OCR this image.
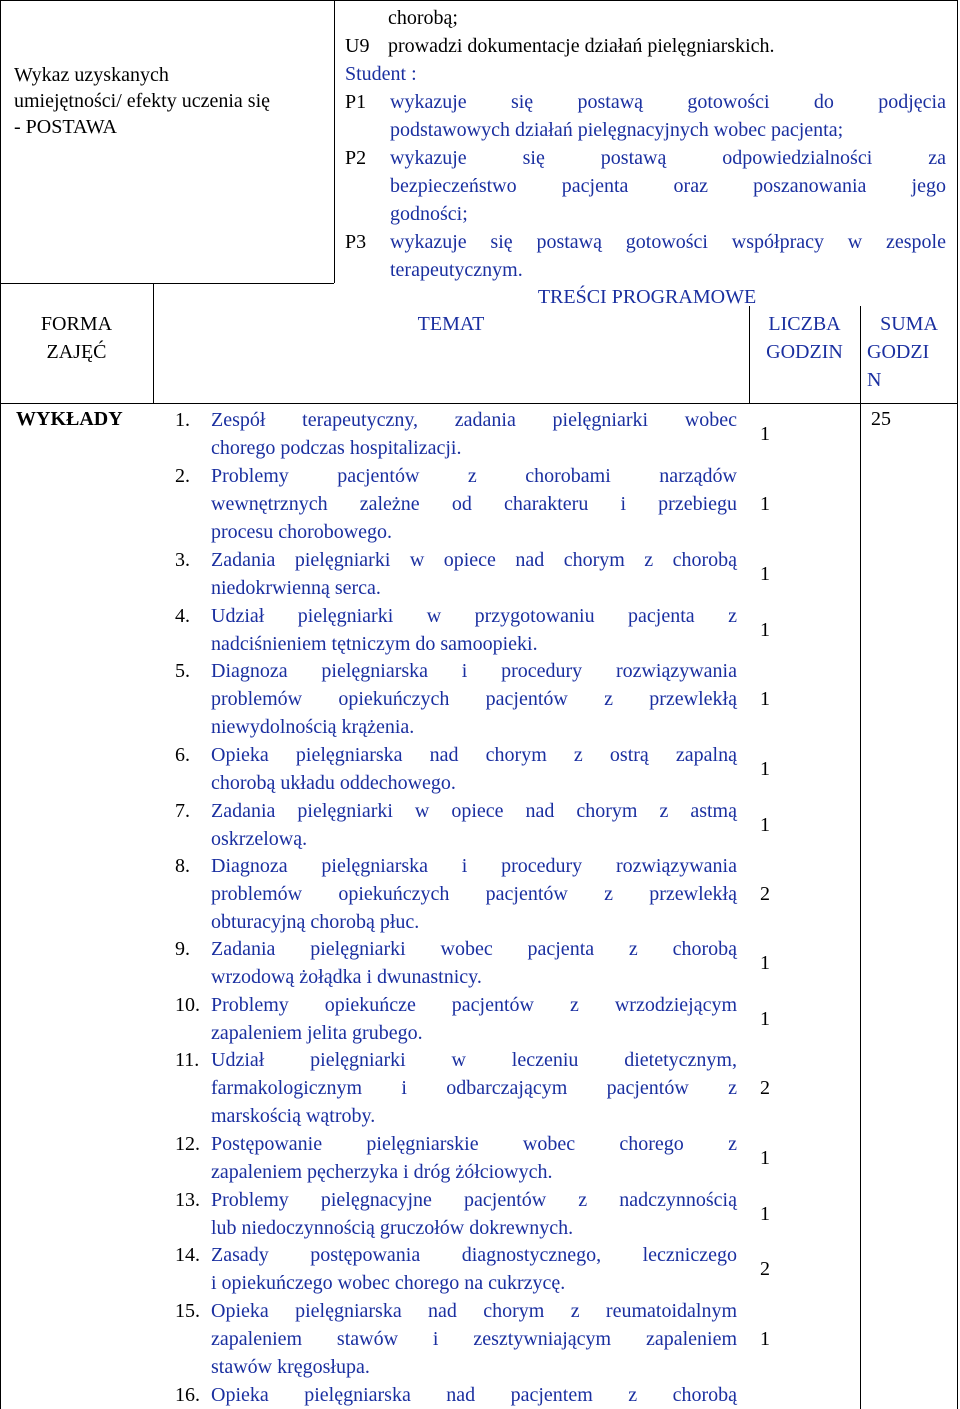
chorobą;
U9 prowadzi dokumentacje działań pielęgniarskich.
Wykaz uzyskanych
umiejętności/ efekty uczenia się
- POSTAWA
Student :
P1 wykazuje się postawą gotowości do podjęcia
podstawowych działań pielęgnacyjnych wobec pacjenta;
P2 wykazuje się postawą odpowiedzialności za
bezpieczeństwo pacjenta oraz poszanowania jego
godności;
P3 wykazuje się postawą gotowości współpracy w zespole
terapeutycznym.
FORMA
ZAJĘĆ
TREŚCI PROGRAMOWE
TEMAT	LICZBA
GODZIN
SUMA
GODZI
N
WYKŁADY	25
1. Zespół terapeutyczny, zadania pielęgniarki wobec
chorego podczas hospitalizacji.
1
2. Problemy pacjentów z chorobami narządów
wewnętrznych zależne od charakteru i przebiegu
procesu chorobowego.
1
3. Zadania pielęgniarki w opiece nad chorym z chorobą
niedokrwienną serca.
1
4. Udział pielęgniarki w przygotowaniu pacjenta z
nadciśnieniem tętniczym do samoopieki.
1
5. Diagnoza pielęgniarska i procedury rozwiązywania
problemów opiekuńczych pacjentów z przewlekłą
niewydolnością krążenia.
1
6. Opieka pielęgniarska nad chorym z ostrą zapalną
chorobą układu oddechowego.
1
7. Zadania pielęgniarki w opiece nad chorym z astmą
oskrzelową.
1
8. Diagnoza pielęgniarska i procedury rozwiązywania
problemów opiekuńczych pacjentów z przewlekłą
obturacyjną chorobą płuc.
2
9. Zadania pielęgniarki wobec pacjenta z chorobą
wrzodową żołądka i dwunastnicy.
1
10. Problemy opiekuńcze pacjentów z wrzodziejącym
zapaleniem jelita grubego.
1
11. Udział pielęgniarki w leczeniu dietetycznym,
farmakologicznym i odbarczającym pacjentów z
marskością wątroby.
2
12. Postępowanie pielęgniarskie wobec chorego z
zapaleniem pęcherzyka i dróg żółciowych.
1
13. Problemy pielęgnacyjne pacjentów z nadczynnością
lub niedoczynnością gruczołów dokrewnych.
1
14. Zasady postępowania diagnostycznego, leczniczego
i opiekuńczego wobec chorego na cukrzycę.
2
15. Opieka pielęgniarska nad chorym z reumatoidalnym
zapaleniem stawów i zesztywniającym zapaleniem
stawów kręgosłupa.
1
16. Opieka pielęgniarska nad pacjentem z chorobą
